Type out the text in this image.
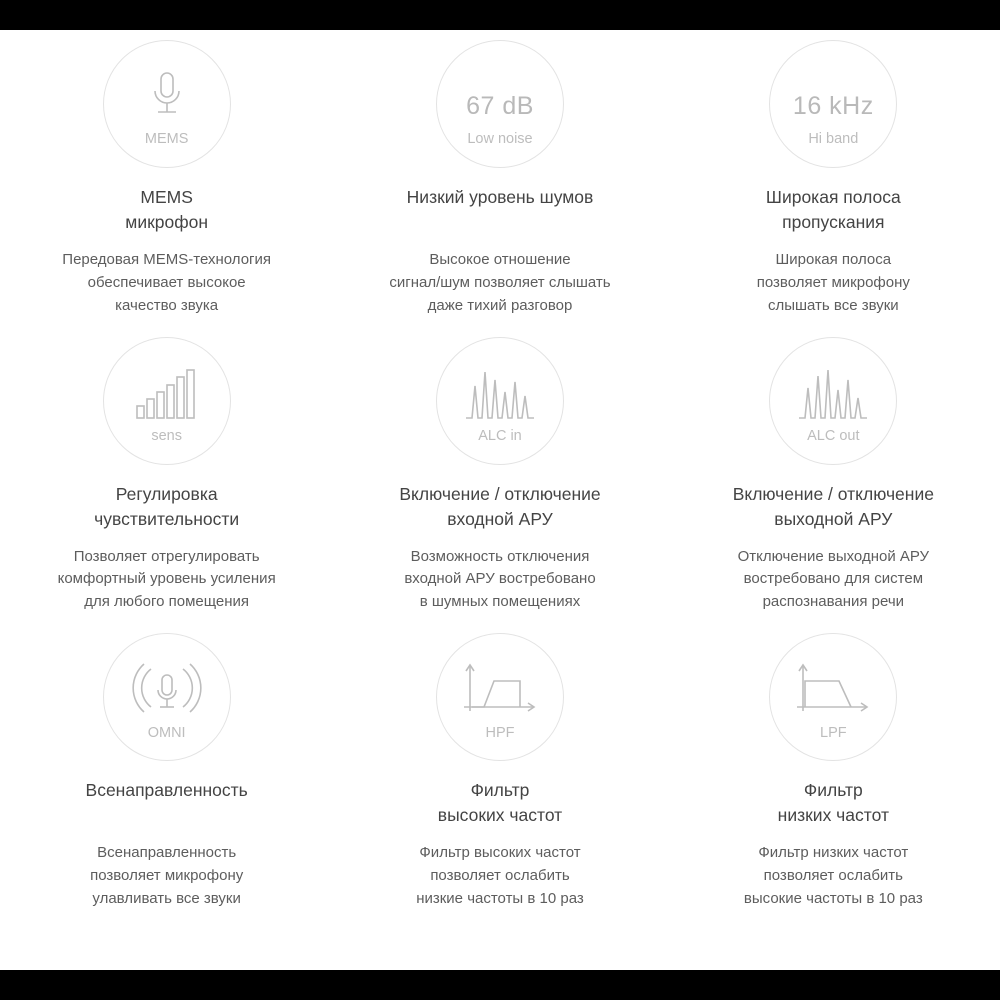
MEMS
MEMS
микрофон
Передовая MEMS-технология
обеспечивает высокое
качество звука
67 dB
Low noise
Низкий уровень шумов
Высокое отношение
сигнал/шум позволяет слышать
даже тихий разговор
16 kHz
Hi band
Широкая полоса
пропускания
Широкая полоса
позволяет микрофону
слышать все звуки
sens
Регулировка
чувствительности
Позволяет отрегулировать
комфортный уровень усиления
для любого помещения
ALC in
Включение / отключение
входной АРУ
Возможность отключения
входной АРУ востребовано
в шумных помещениях
ALC out
Включение / отключение
выходной АРУ
Отключение выходной АРУ
востребовано для систем
распознавания речи
OMNI
Всенаправленность
Всенаправленность
позволяет микрофону
улавливать все звуки
HPF
Фильтр
высоких частот
Фильтр высоких частот
позволяет ослабить
низкие частоты в 10 раз
LPF
Фильтр
низких частот
Фильтр низких частот
позволяет ослабить
высокие частоты в 10 раз
